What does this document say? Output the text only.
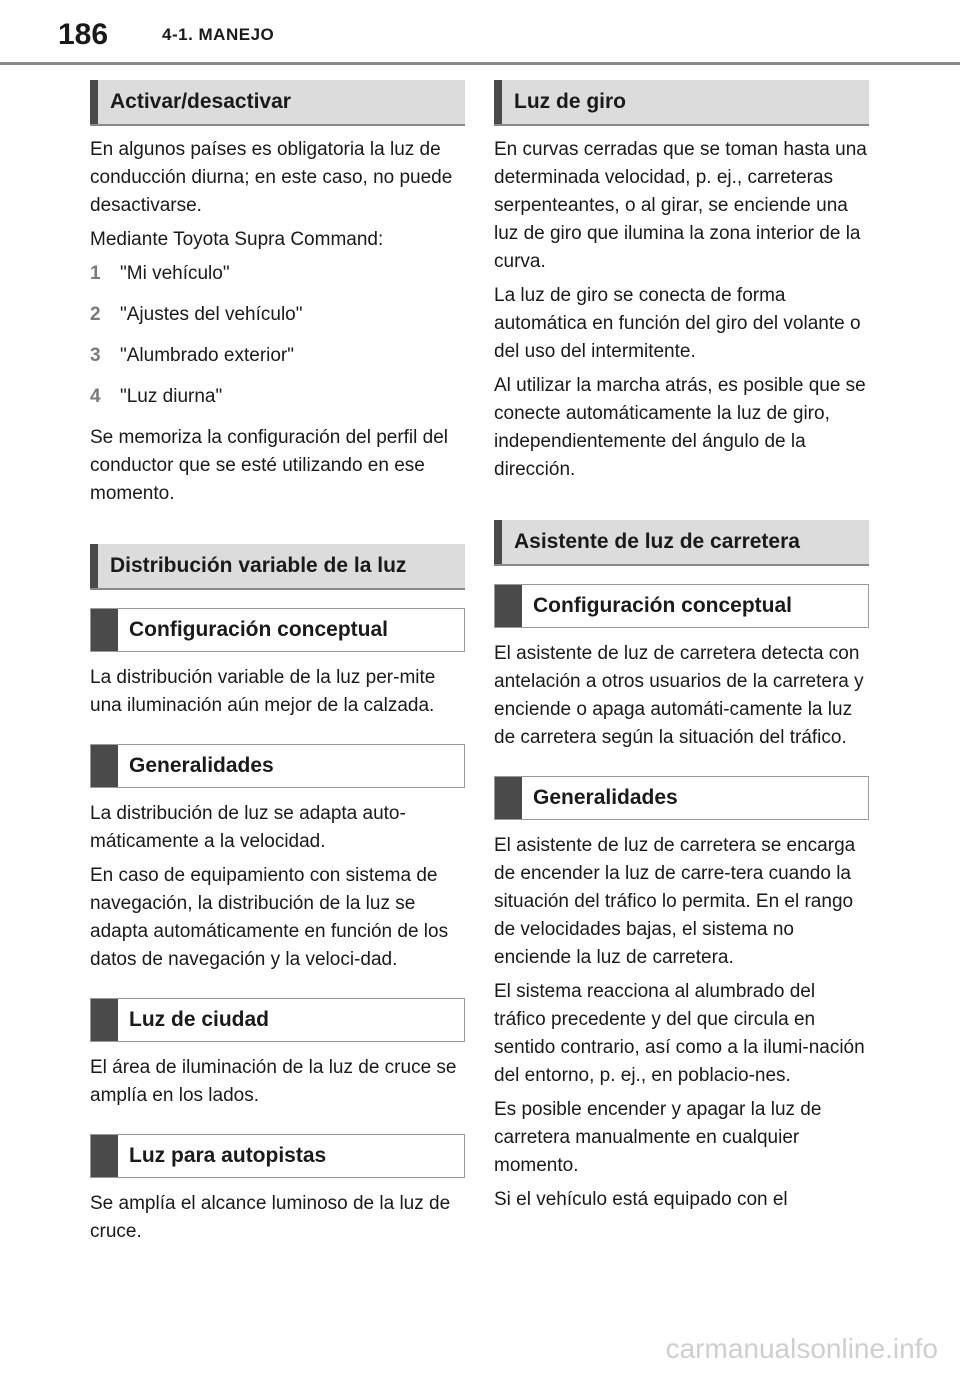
186	4-1. MANEJO
Activar/desactivar

En algunos países es obligatoria la luz de conducción diurna; en este caso, no puede desactivarse.

Mediante Toyota Supra Command:

1	"Mi vehículo"
2	"Ajustes del vehículo"
3	"Alumbrado exterior"
4	"Luz diurna"

Se memoriza la configuración del perfil del conductor que se esté utilizando en ese momento.

Distribución variable de la luz
Configuración conceptual

La distribución variable de la luz per-mite una iluminación aún mejor de la calzada.

Generalidades

La distribución de luz se adapta auto-máticamente a la velocidad.

En caso de equipamiento con sistema de navegación, la distribución de la luz se adapta automáticamente en función de los datos de navegación y la veloci-dad.

Luz de ciudad

El área de iluminación de la luz de cruce se amplía en los lados.

Luz para autopistas

Se amplía el alcance luminoso de la luz de cruce.

Luz de giro

En curvas cerradas que se toman hasta una determinada velocidad, p. ej., carreteras serpenteantes, o al girar, se enciende una luz de giro que ilumina la zona interior de la curva.

La luz de giro se conecta de forma automática en función del giro del volante o del uso del intermitente.

Al utilizar la marcha atrás, es posible que se conecte automáticamente la luz de giro, independientemente del ángulo de la dirección.

Asistente de luz de carretera
Configuración conceptual

El asistente de luz de carretera detecta con antelación a otros usuarios de la carretera y enciende o apaga automáti-camente la luz de carretera según la situación del tráfico.

Generalidades

El asistente de luz de carretera se encarga de encender la luz de carre-tera cuando la situación del tráfico lo permita. En el rango de velocidades bajas, el sistema no enciende la luz de carretera.

El sistema reacciona al alumbrado del tráfico precedente y del que circula en sentido contrario, así como a la ilumi-nación del entorno, p. ej., en poblacio-nes.

Es posible encender y apagar la luz de carretera manualmente en cualquier momento.

Si el vehículo está equipado con el

carmanualsonline.info
